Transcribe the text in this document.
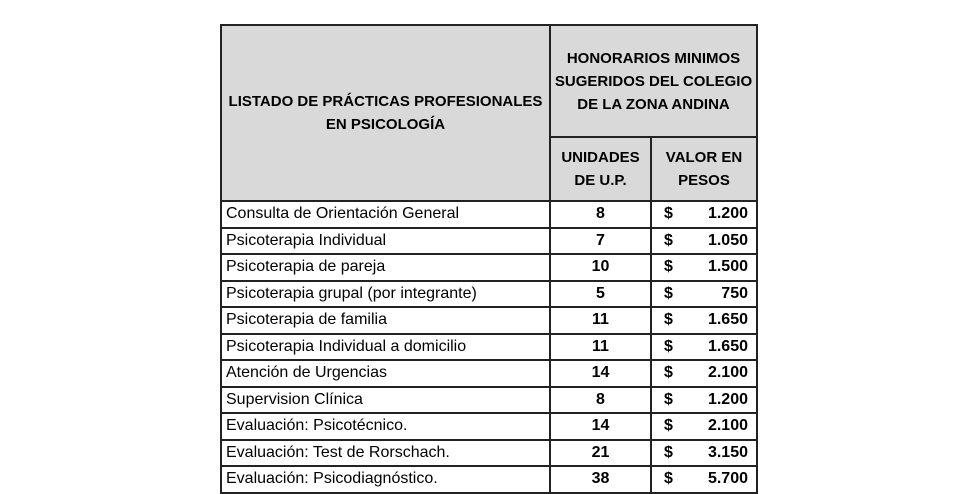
LISTADO DE PRÁCTICAS PROFESIONALES EN PSICOLOGÍA	HONORARIOS MINIMOS SUGERIDOS DEL COLEGIO DE LA ZONA ANDINA	
	UNIDADES DE U.P.	VALOR EN PESOS
Consulta de Orientación General	8	$ 1.200

Psicoterapia Individual	7	$ 1.050

Psicoterapia de pareja	10	$ 1.500

Psicoterapia grupal (por integrante)	5	$ 750

Psicoterapia de familia	11	$ 1.650

Psicoterapia Individual a domicilio	11	$ 1.650

Atención de Urgencias	14	$ 2.100

Supervision Clínica	8	$ 1.200

Evaluación: Psicotécnico.	14	$ 2.100

Evaluación: Test de Rorschach.	21	$ 3.150

Evaluación: Psicodiagnóstico.	38	$ 5.700
